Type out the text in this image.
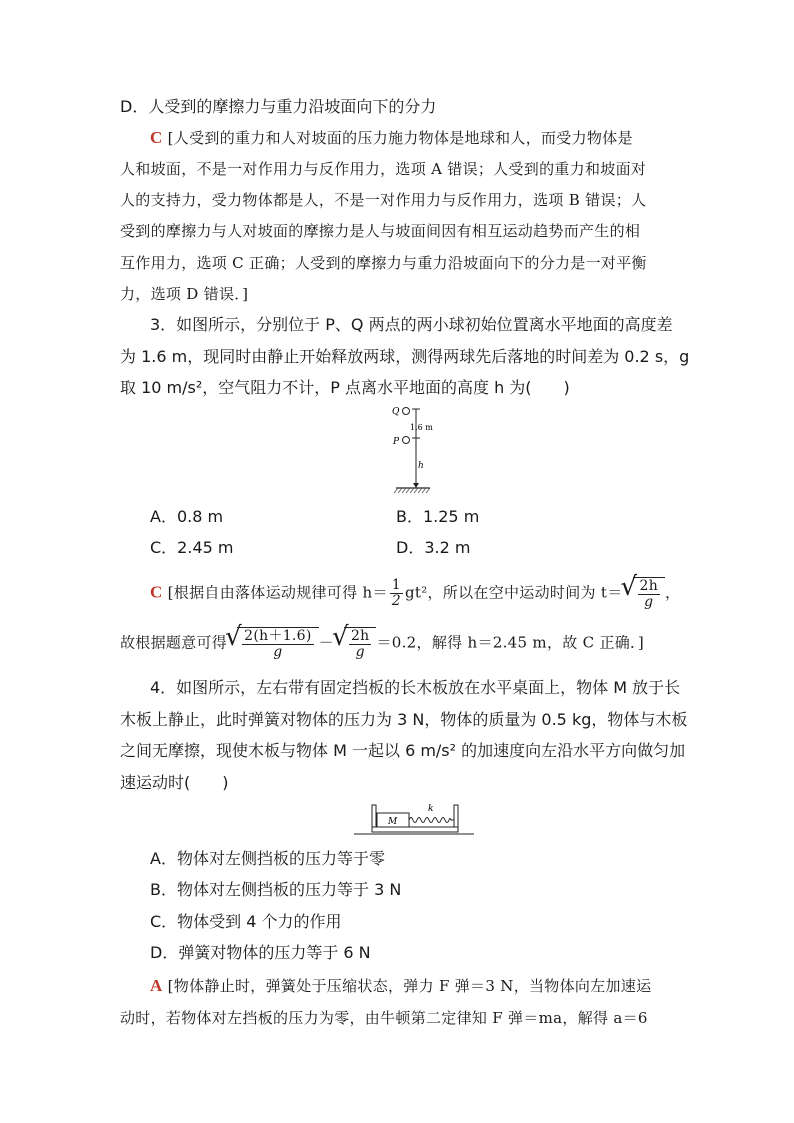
D．人受到的摩擦力与重力沿坡面向下的分力
C [人受到的重力和人对坡面的压力施力物体是地球和人，而受力物体是
人和坡面，不是一对作用力与反作用力，选项 A 错误；人受到的重力和坡面对
人的支持力，受力物体都是人，不是一对作用力与反作用力，选项 B 错误；人
受到的摩擦力与人对坡面的摩擦力是人与坡面间因有相互运动趋势而产生的相
互作用力，选项 C 正确；人受到的摩擦力与重力沿坡面向下的分力是一对平衡
力，选项 D 错误．]
3．如图所示，分别位于 P、Q 两点的两小球初始位置离水平地面的高度差
为 1.6 m，现同时由静止开始释放两球，测得两球先后落地的时间差为 0.2 s，g
取 10 m/s²，空气阻力不计，P 点离水平地面的高度 h 为(　　)
Q
1.6 m
P
h
A．0.8 m	B．1.25 m
C．2.45 m	D．3.2 m
C [根据自由落体运动规律可得 $h= \frac{1}{2} gt^2$，所以在空中运动时间为 t＝ √ $\frac{2h}{g}$ ，
故根据题意可得 √ $\frac{2(h+1.6)}{g}$ － √ $\frac{2h}{g} =0.2$，解得 h＝2.45 m，故 C 正确．]
4．如图所示，左右带有固定挡板的长木板放在水平桌面上，物体 M 放于长
木板上静止，此时弹簧对物体的压力为 3 N，物体的质量为 0.5 kg，物体与木板
之间无摩擦，现使木板与物体 M 一起以 6 m/s² 的加速度向左沿水平方向做匀加
速运动时(　　)
M
k
A．物体对左侧挡板的压力等于零
B．物体对左侧挡板的压力等于 3 N
C．物体受到 4 个力的作用
D．弹簧对物体的压力等于 6 N
A [物体静止时，弹簧处于压缩状态，弹力 F 弹＝3 N，当物体向左加速运
动时，若物体对左挡板的压力为零，由牛顿第二定律知 F 弹＝ma，解得 a＝6
